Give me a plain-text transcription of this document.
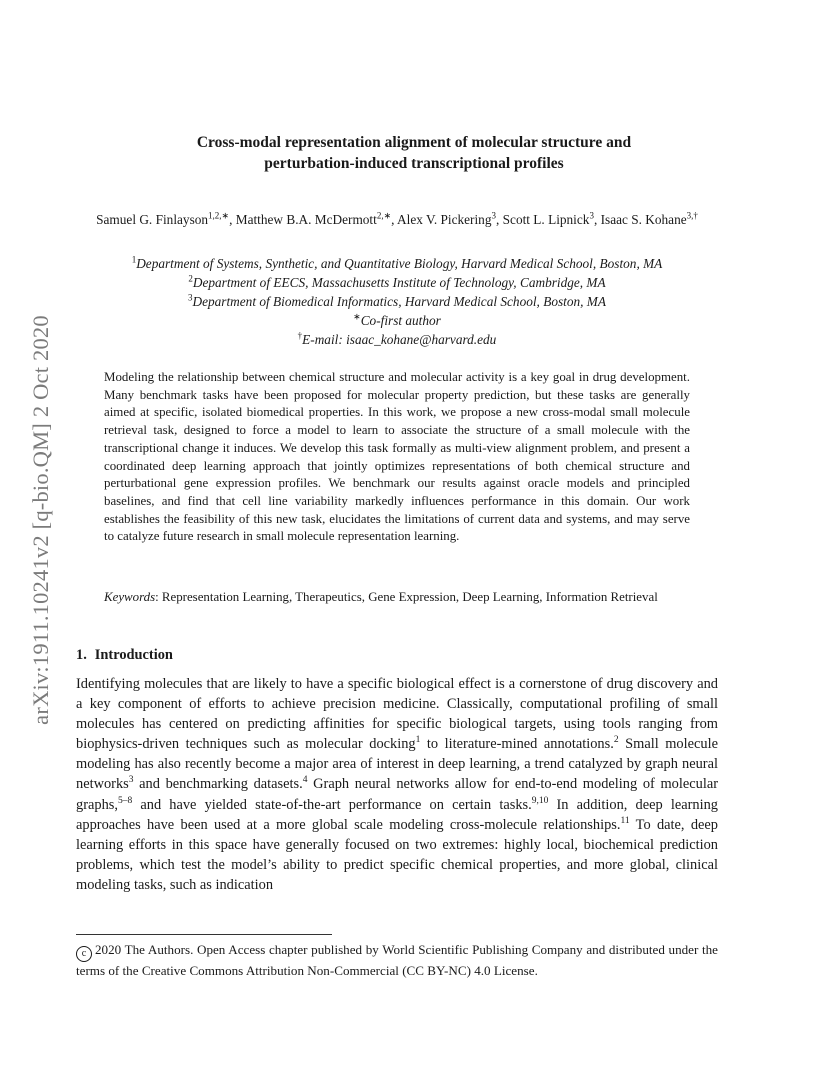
arXiv:1911.10241v2 [q-bio.QM] 2 Oct 2020
Cross-modal representation alignment of molecular structure and
perturbation-induced transcriptional profiles
Samuel G. Finlayson$^{1,2,∗}$, Matthew B.A. McDermott$^{2,∗}$, Alex V. Pickering$^3$, Scott L. Lipnick$^3$, Isaac S. Kohane$^{3,\dagger}$
$^1$Department of Systems, Synthetic, and Quantitative Biology, Harvard Medical School, Boston, MA
$^2$Department of EECS, Massachusetts Institute of Technology, Cambridge, MA
$^3$Department of Biomedical Informatics, Harvard Medical School, Boston, MA
∗Co-first author
†E-mail: isaac_kohane@harvard.edu
Modeling the relationship between chemical structure and molecular activity is a key goal in drug development. Many benchmark tasks have been proposed for molecular property prediction, but these tasks are generally aimed at specific, isolated biomedical properties. In this work, we propose a new cross-modal small molecule retrieval task, designed to force a model to learn to associate the structure of a small molecule with the transcriptional change it induces. We develop this task formally as multi-view alignment problem, and present a coordinated deep learning approach that jointly optimizes representations of both chemical structure and perturbational gene expression profiles. We benchmark our results against oracle models and principled baselines, and find that cell line variability markedly influences performance in this domain. Our work establishes the feasibility of this new task, elucidates the limitations of current data and systems, and may serve to catalyze future research in small molecule representation learning.
Keywords: Representation Learning, Therapeutics, Gene Expression, Deep Learning, Information Retrieval
1. Introduction
Identifying molecules that are likely to have a specific biological effect is a cornerstone of drug discovery and a key component of efforts to achieve precision medicine. Classically, computational profiling of small molecules has centered on predicting affinities for specific biological targets, using tools ranging from biophysics-driven techniques such as molecular docking$^1$ to literature-mined annotations.$^2$ Small molecule modeling has also recently become a major area of interest in deep learning, a trend catalyzed by graph neural networks$^3$ and benchmarking datasets.$^4$ Graph neural networks allow for end-to-end modeling of molecular graphs,$^{5-8}$ and have yielded state-of-the-art performance on certain tasks.$^{9,10}$ In addition, deep learning approaches have been used at a more global scale modeling cross-molecule relationships.$^{11}$ To date, deep learning efforts in this space have generally focused on two extremes: highly local, biochemical prediction problems, which test the model’s ability to predict specific chemical properties, and more global, clinical modeling tasks, such as indication
c 2020 The Authors. Open Access chapter published by World Scientific Publishing Company and distributed under the terms of the Creative Commons Attribution Non-Commercial (CC BY-NC) 4.0 License.
